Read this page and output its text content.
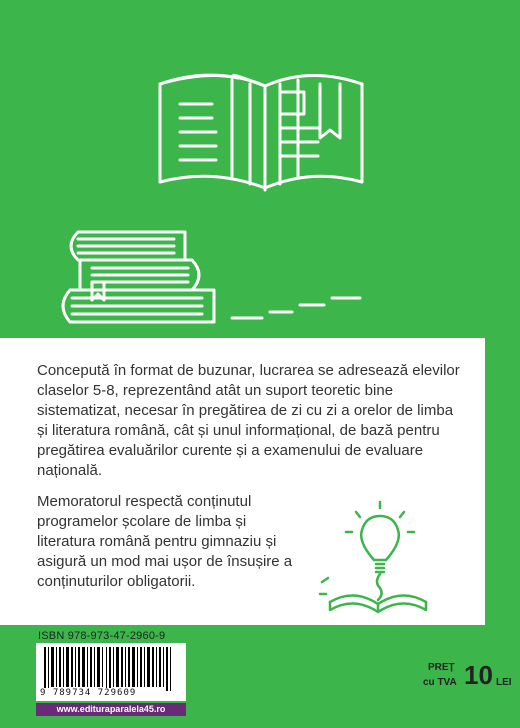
Concepută în format de buzunar, lucrarea se adresează elevilor claselor 5-8, reprezentând atât un suport teoretic bine sistematizat, necesar în pregătirea de zi cu zi a orelor de limba și literatura română, cât și unul informațional, de bază pentru pregătirea evaluărilor curente și a examenului de evaluare națională.

Memoratorul respectă conținutul programelor școlare de limba și literatura română pentru gimnaziu și asigură un mod mai ușor de însușire a conținuturilor obligatorii.

ISBN 978-973-47-2960-9
9 789734 729609
www.edituraparalela45.ro
PREȚ
cu TVA 10 LEI
